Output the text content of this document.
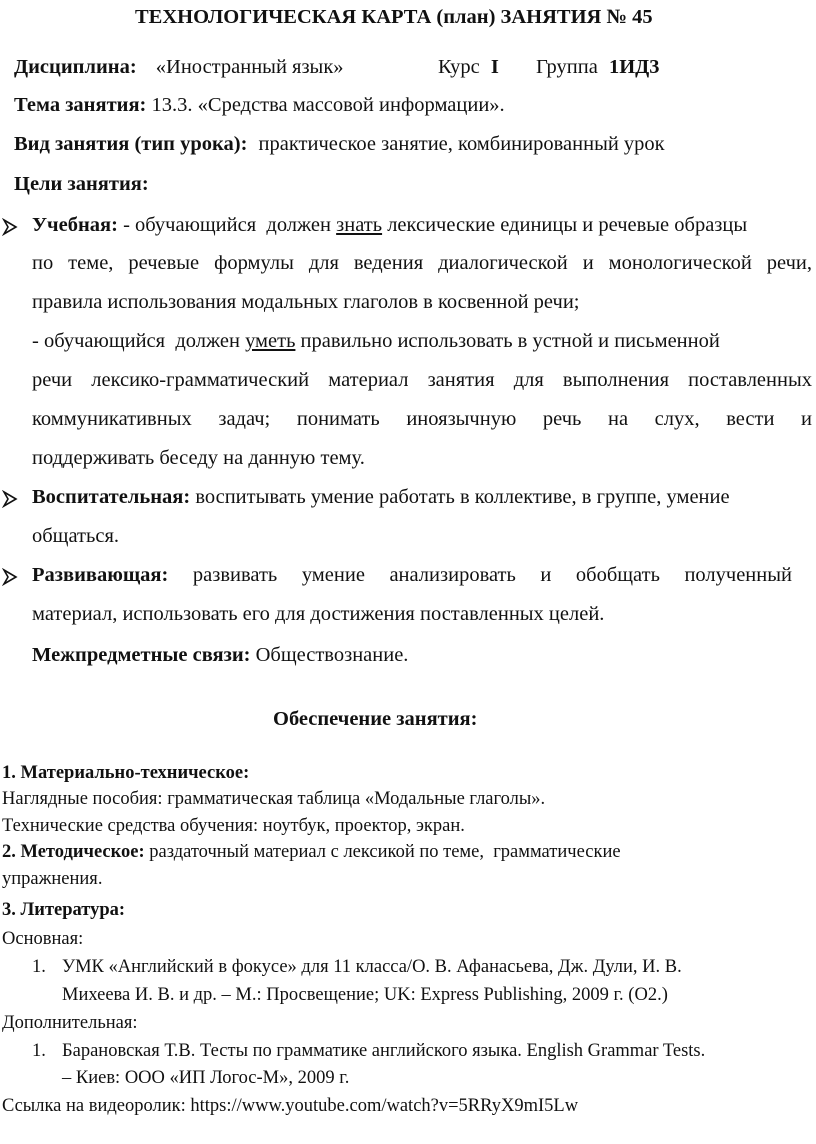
ТЕХНОЛОГИЧЕСКАЯ КАРТА (план) ЗАНЯТИЯ № 45
Дисциплина: «Иностранный язык»	Курс I Группа 1ИД3
Тема занятия: 13.3. «Средства массовой информации».
Вид занятия (тип урока): практическое занятие, комбинированный урок
Цели занятия:
Учебная: - обучающийся  должен знать лексические единицы и речевые образцы
по теме, речевые формулы для ведения диалогической и монологической речи,
правила использования модальных глаголов в косвенной речи;
- обучающийся  должен уметь правильно использовать в устной и письменной
речи лексико-грамматический материал занятия для выполнения поставленных
коммуникативных задач; понимать иноязычную речь на слух, вести и
поддерживать беседу на данную тему.
Воспитательная: воспитывать умение работать в коллективе, в группе, умение
общаться.
Развивающая: развивать умение анализировать и обобщать полученный
материал, использовать его для достижения поставленных целей.
Межпредметные связи: Обществознание.
Обеспечение занятия:
1. Материально-техническое:
Наглядные пособия: грамматическая таблица «Модальные глаголы».
Технические средства обучения: ноутбук, проектор, экран.
2. Методическое: раздаточный материал с лексикой по теме,  грамматические
упражнения.
3. Литература:
Основная:
1. УМК «Английский в фокусе» для 11 класса/О. В. Афанасьева, Дж. Дули, И. В.
Михеева И. В. и др. – М.: Просвещение; UK: Express Publishing, 2009 г. (O2.)
Дополнительная:
1. Барановская Т.В. Тесты по грамматике английского языка. English Grammar Tests.
– Киев: ООО «ИП Логос-М», 2009 г.
Ссылка на видеоролик: https://www.youtube.com/watch?v=5RRyX9mI5Lw
